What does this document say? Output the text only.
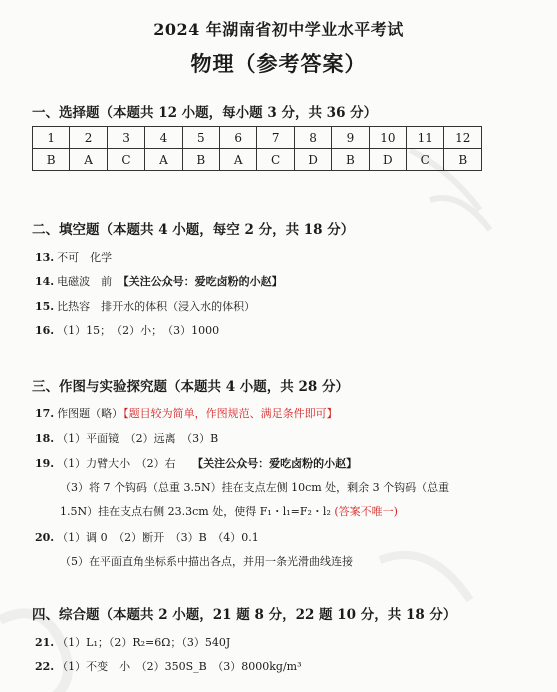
2024 年湖南省初中学业水平考试
物理（参考答案）
一、选择题（本题共 12 小题，每小题 3 分，共 36 分）
1	2	3	4	5	6	7	8	9	10	11	12
B	A	C	A	B	A	C	D	B	D	C	B
二、填空题（本题共 4 小题，每空 2 分，共 18 分）
13. 不可　化学
14. 电磁波　前　【关注公众号：爱吃卤粉的小赵】
15. 比热容　排开水的体积（浸入水的体积）
16. （1）15；　（2）小；　（3）1000
三、作图与实验探究题（本题共 4 小题，共 28 分）
17. 作图题（略）【题目较为简单，作图规范、满足条件即可】
18. （1）平面镜　（2）远离　（3）B
19. （1）力臂大小　（2）右　　【关注公众号：爱吃卤粉的小赵】
（3）将 7 个钩码（总重 3.5N）挂在支点左侧 10cm 处，剩余 3 个钩码（总重
1.5N）挂在支点右侧 23.3cm 处，使得 F₁・l₁=F₂・l₂ (答案不唯一)
20. （1）调 0　（2）断开　（3）B　（4）0.1
（5）在平面直角坐标系中描出各点，并用一条光滑曲线连接
四、综合题（本题共 2 小题，21 题 8 分，22 题 10 分，共 18 分）
21. （1）L₁；（2）R₂=6Ω；（3）540J
22. （1）不变　小　（2）350S_B　（3）8000kg/m³
